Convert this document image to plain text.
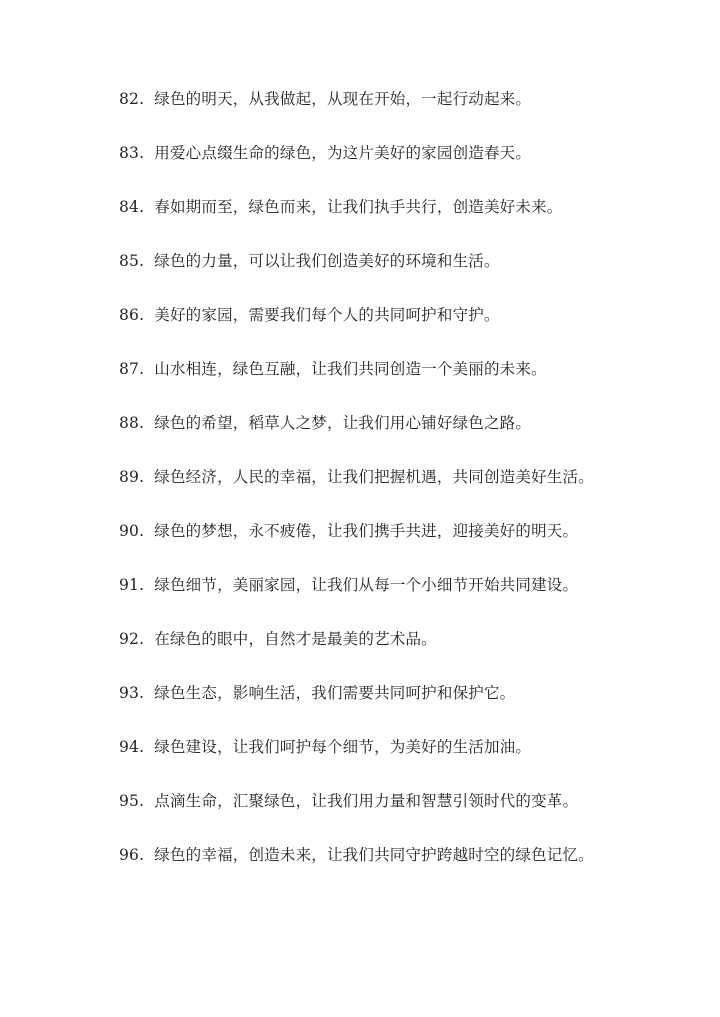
82. 绿色的明天，从我做起，从现在开始，一起行动起来。
83. 用爱心点缀生命的绿色，为这片美好的家园创造春天。
84. 春如期而至，绿色而来，让我们执手共行，创造美好未来。
85. 绿色的力量，可以让我们创造美好的环境和生活。
86. 美好的家园，需要我们每个人的共同呵护和守护。
87. 山水相连，绿色互融，让我们共同创造一个美丽的未来。
88. 绿色的希望，稻草人之梦，让我们用心铺好绿色之路。
89. 绿色经济，人民的幸福，让我们把握机遇，共同创造美好生活。
90. 绿色的梦想，永不疲倦，让我们携手共进，迎接美好的明天。
91. 绿色细节，美丽家园，让我们从每一个小细节开始共同建设。
92. 在绿色的眼中，自然才是最美的艺术品。
93. 绿色生态，影响生活，我们需要共同呵护和保护它。
94. 绿色建设，让我们呵护每个细节，为美好的生活加油。
95. 点滴生命，汇聚绿色，让我们用力量和智慧引领时代的变革。
96. 绿色的幸福，创造未来，让我们共同守护跨越时空的绿色记忆。
